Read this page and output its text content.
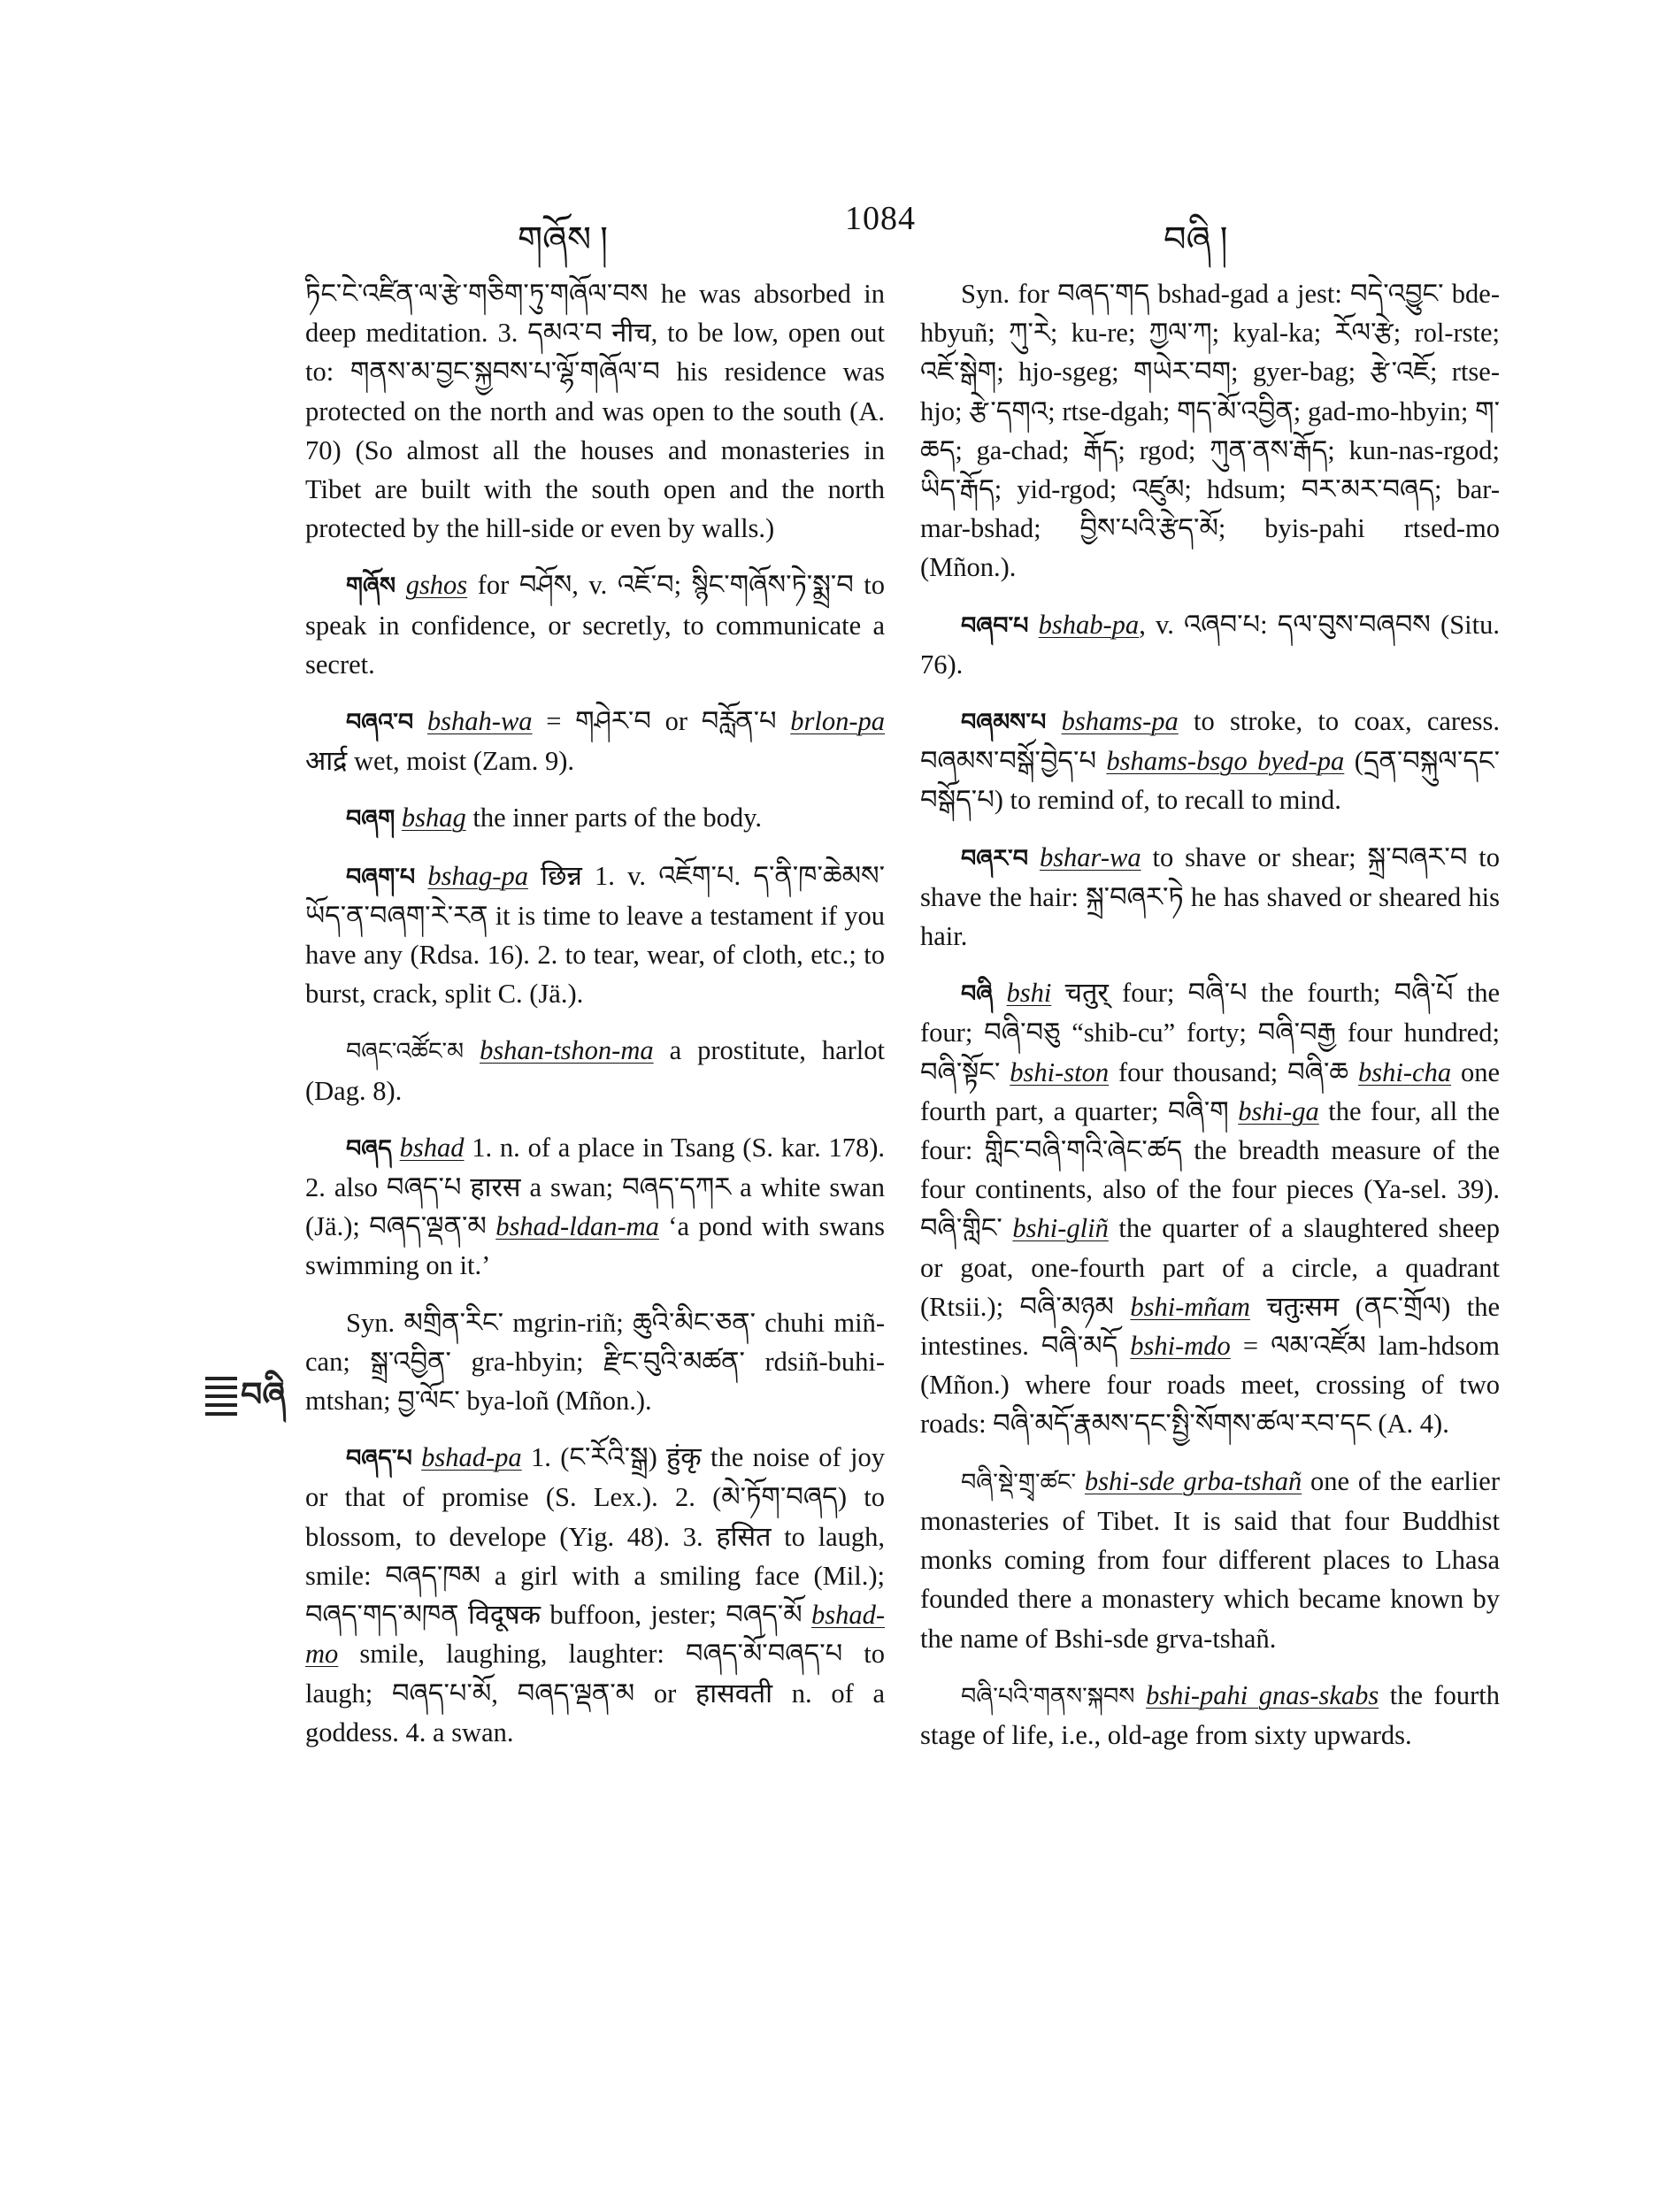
གཞོས །
1084
བཞི །
བཞི

ཏིང་ངེ་འཛིན་ལ་རྩེ་གཅིག་ཏུ་གཞོལ་བས he was absorbed in deep meditation. 3. དམའ་བ नीच, to be low, open out to: གནས་མ་བྱང་སྐྱབས་པ་ལྷོ་གཞོལ་བ his residence was protected on the north and was open to the south (A. 70) (So almost all the houses and monasteries in Tibet are built with the south open and the north protected by the hill-side or even by walls.)

གཞོས gshos for བཤོས, v. འཇོ་བ; སྙིང་གཞོས་ཏེ་སྨྲ་བ to speak in confidence, or secretly, to communicate a secret.

བཞའ་བ bshah-wa = གཤེར་བ or བརློན་པ brlon-pa आर्द्र wet, moist (Zam. 9).

བཞག bshag the inner parts of the body.

བཞག་པ bshag-pa छिन्न 1. v. འཇོག་པ. ད་ནི་ཁ་ཆེམས་ཡོད་ན་བཞག་རེ་རན it is time to leave a testament if you have any (Rdsa. 16). 2. to tear, wear, of cloth, etc.; to burst, crack, split C. (Jä.).

བཞང་འཚོང་མ bshan-tshon-ma a prostitute, harlot (Dag. 8).

བཞད bshad 1. n. of a place in Tsang (S. kar. 178). 2. also བཞད་པ हारस a swan; བཞད་དཀར a white swan (Jä.); བཞད་ལྡན་མ bshad-ldan-ma ‘a pond with swans swimming on it.’

Syn. མགྲིན་རིང་ mgrin-riñ; ཆུའི་མིང་ཅན་ chuhi miñ-can; སྒྲ་འབྱིན་ gra-hbyin; རྫིང་བུའི་མཚན་ rdsiñ-buhi-mtshan; བྱ་ལོང་ bya-loñ (Mñon.).

བཞད་པ bshad-pa 1. (ང་རོའི་སྒྲ) हुंकृ the noise of joy or that of promise (S. Lex.). 2. (མེ་ཏོག་བཞད) to blossom, to develope (Yig. 48). 3. हसित to laugh, smile: བཞད་ཁམ a girl with a smiling face (Mil.); བཞད་གད་མཁན विदूषक buffoon, jester; བཞད་མོ bshad-mo smile, laughing, laughter: བཞད་མོ་བཞད་པ to laugh; བཞད་པ་མོ, བཞད་ལྡན་མ or हासवती n. of a goddess. 4. a swan.

Syn. for བཞད་གད bshad-gad a jest: བདེ་འབྱུང་ bde-hbyuñ; ཀུ་རེ; ku-re; ཀྱལ་ཀ; kyal-ka; རོལ་རྩེ; rol-rste; འཇོ་སྒེག; hjo-sgeg; གཡེར་བག; gyer-bag; རྩེ་འཇོ; rtse-hjo; རྩེ་དགའ; rtse-dgah; གད་མོ་འབྱིན; gad-mo-hbyin; ག་ཆད; ga-chad; རྒོད; rgod; ཀུན་ནས་རྒོད; kun-nas-rgod; ཡིད་རྒོད; yid-rgod; འཛུམ; hdsum; བར་མར་བཞད; bar-mar-bshad; བྱིས་པའི་རྩེད་མོ; byis-pahi rtsed-mo (Mñon.).

བཞབ་པ bshab-pa, v. འཞབ་པ: དལ་བུས་བཞབས (Situ. 76).

བཞམས་པ bshams-pa to stroke, to coax, caress. བཞམས་བསྒོ་བྱེད་པ bshams-bsgo byed-pa (དྲན་བསྐུལ་དང་བསྒོད་པ) to remind of, to recall to mind.

བཞར་བ bshar-wa to shave or shear; སྐྲ་བཞར་བ to shave the hair: སྐྲ་བཞར་ཏེ he has shaved or sheared his hair.

བཞི bshi चतुर् four; བཞི་པ the fourth; བཞི་པོ the four; བཞི་བཅུ “shib-cu” forty; བཞི་བརྒྱ four hundred; བཞི་སྟོང་ bshi-ston four thousand; བཞི་ཆ bshi-cha one fourth part, a quarter; བཞི་ག bshi-ga the four, all the four: གླིང་བཞི་གའི་ཞེང་ཚད the breadth measure of the four continents, also of the four pieces (Ya-sel. 39). བཞི་གླིང་ bshi-gliñ the quarter of a slaughtered sheep or goat, one-fourth part of a circle, a quadrant (Rtsii.); བཞི་མཉམ bshi-mñam चतुःसम (ནང་གྲོལ) the intestines. བཞི་མདོ bshi-mdo = ལམ་འཛོམ lam-hdsom (Mñon.) where four roads meet, crossing of two roads: བཞི་མདོ་རྣམས་དང་སྤྱི་སོགས་ཚལ་རབ་དང (A. 4).

བཞི་སྡེ་གྲྭ་ཚང་ bshi-sde grba-tshañ one of the earlier monasteries of Tibet. It is said that four Buddhist monks coming from four different places to Lhasa founded there a monastery which became known by the name of Bshi-sde grva-tshañ.

བཞི་པའི་གནས་སྐབས bshi-pahi gnas-skabs the fourth stage of life, i.e., old-age from sixty upwards.
